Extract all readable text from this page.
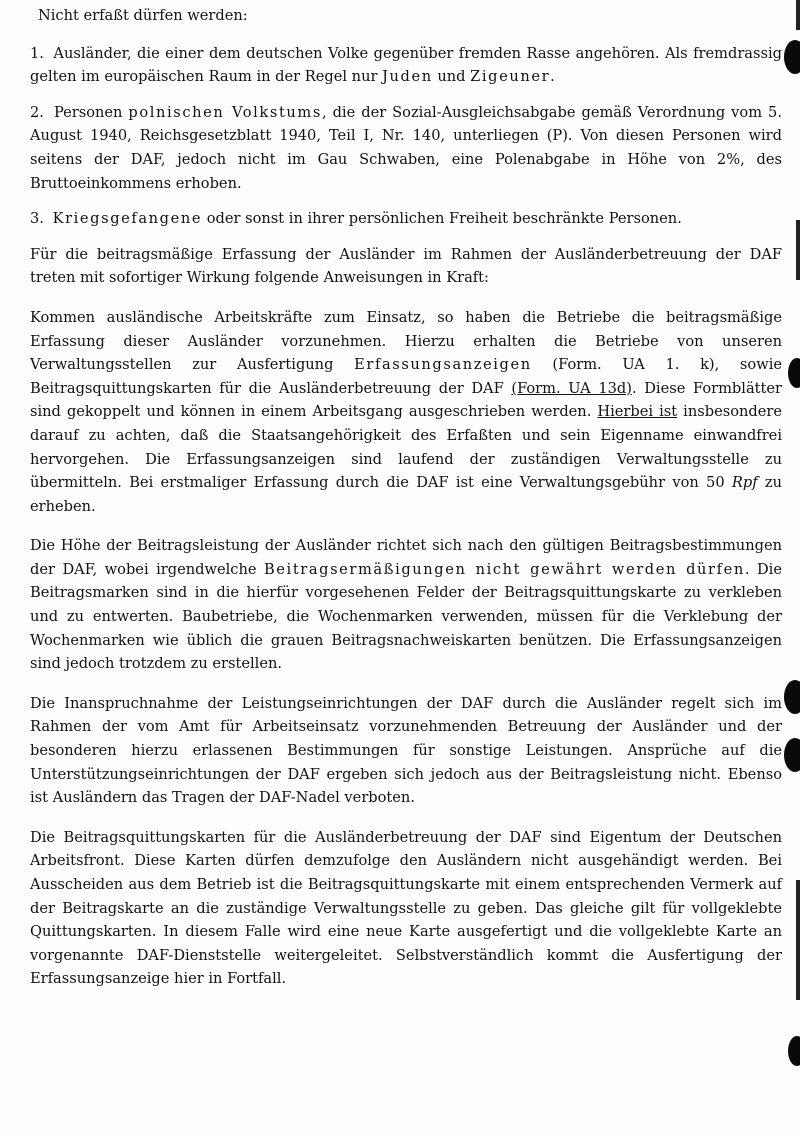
Nicht erfaßt dürfen werden:
1. Ausländer, die einer dem deutschen Volke gegenüber fremden Rasse angehören. Als fremdrassig gelten im europäischen Raum in der Regel nur Juden und Zigeuner.
2. Personen polnischen Volkstums, die der Sozial-Ausgleichsabgabe gemäß Verordnung vom 5. August 1940, Reichsgesetzblatt 1940, Teil I, Nr. 140, unterliegen (P). Von diesen Personen wird seitens der DAF, jedoch nicht im Gau Schwaben, eine Polenabgabe in Höhe von 2%, des Bruttoeinkommens erhoben.
3. Kriegsgefangene oder sonst in ihrer persönlichen Freiheit beschränkte Personen.

Für die beitragsmäßige Erfassung der Ausländer im Rahmen der Ausländerbetreuung der DAF treten mit sofortiger Wirkung folgende Anweisungen in Kraft:

Kommen ausländische Arbeitskräfte zum Einsatz, so haben die Betriebe die beitragsmäßige Erfassung dieser Ausländer vorzunehmen. Hierzu erhalten die Betriebe von unseren Verwaltungsstellen zur Ausfertigung Erfassungsanzeigen (Form. UA 1. k), sowie Beitragsquittungskarten für die Ausländerbetreuung der DAF (Form. UA 13d). Diese Formblätter sind gekoppelt und können in einem Arbeitsgang ausgeschrieben werden. Hierbei ist insbesondere darauf zu achten, daß die Staatsangehörigkeit des Erfaßten und sein Eigenname einwandfrei hervorgehen. Die Erfassungsanzeigen sind laufend der zuständigen Verwaltungsstelle zu übermitteln. Bei erstmaliger Erfassung durch die DAF ist eine Verwaltungsgebühr von 50 Rpf zu erheben.

Die Höhe der Beitragsleistung der Ausländer richtet sich nach den gültigen Beitragsbestimmungen der DAF, wobei irgendwelche Beitragsermäßigungen nicht gewährt werden dürfen. Die Beitragsmarken sind in die hierfür vorgesehenen Felder der Beitragsquittungskarte zu verkleben und zu entwerten. Baubetriebe, die Wochenmarken verwenden, müssen für die Verklebung der Wochenmarken wie üblich die grauen Beitragsnachweiskarten benützen. Die Erfassungsanzeigen sind jedoch trotzdem zu erstellen.

Die Inanspruchnahme der Leistungseinrichtungen der DAF durch die Ausländer regelt sich im Rahmen der vom Amt für Arbeitseinsatz vorzunehmenden Betreuung der Ausländer und der besonderen hierzu erlassenen Bestimmungen für sonstige Leistungen. Ansprüche auf die Unterstützungseinrichtungen der DAF ergeben sich jedoch aus der Beitragsleistung nicht. Ebenso ist Ausländern das Tragen der DAF-Nadel verboten.

Die Beitragsquittungskarten für die Ausländerbetreuung der DAF sind Eigentum der Deutschen Arbeitsfront. Diese Karten dürfen demzufolge den Ausländern nicht ausgehändigt werden. Bei Ausscheiden aus dem Betrieb ist die Beitragsquittungskarte mit einem entsprechenden Vermerk auf der Beitragskarte an die zuständige Verwaltungsstelle zu geben. Das gleiche gilt für vollgeklebte Quittungskarten. In diesem Falle wird eine neue Karte ausgefertigt und die vollgeklebte Karte an vorgenannte DAF-Dienststelle weitergeleitet. Selbstverständlich kommt die Ausfertigung der Erfassungsanzeige hier in Fortfall.
